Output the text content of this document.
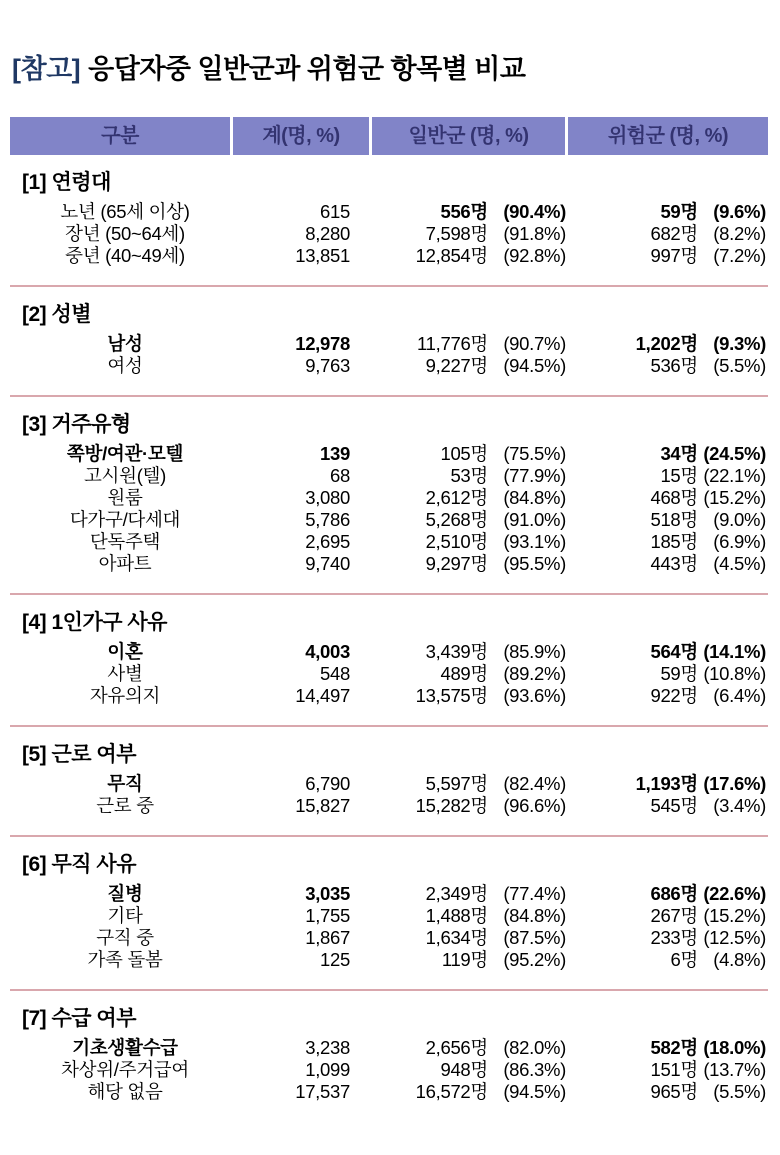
[참고] 응답자중 일반군과 위험군 항목별 비교
구분	계(명, %)	일반군 (명, %)	위험군 (명, %)
[1] 연령대
노년 (65세 이상)	615	556명 (90.4%)	59명 (9.6%)
장년 (50~64세)	8,280	7,598명 (91.8%)	682명 (8.2%)
중년 (40~49세)	13,851	12,854명 (92.8%)	997명 (7.2%)
[2] 성별
남성	12,978	11,776명 (90.7%)	1,202명 (9.3%)
여성	9,763	9,227명 (94.5%)	536명 (5.5%)
[3] 거주유형
쪽방/여관·모텔	139	105명 (75.5%)	34명 (24.5%)
고시원(텔)	68	53명 (77.9%)	15명 (22.1%)
원룸	3,080	2,612명 (84.8%)	468명 (15.2%)
다가구/다세대	5,786	5,268명 (91.0%)	518명 (9.0%)
단독주택	2,695	2,510명 (93.1%)	185명 (6.9%)
아파트	9,740	9,297명 (95.5%)	443명 (4.5%)
[4] 1인가구 사유
이혼	4,003	3,439명 (85.9%)	564명 (14.1%)
사별	548	489명 (89.2%)	59명 (10.8%)
자유의지	14,497	13,575명 (93.6%)	922명 (6.4%)
[5] 근로 여부
무직	6,790	5,597명 (82.4%)	1,193명 (17.6%)
근로 중	15,827	15,282명 (96.6%)	545명 (3.4%)
[6] 무직 사유
질병	3,035	2,349명 (77.4%)	686명 (22.6%)
기타	1,755	1,488명 (84.8%)	267명 (15.2%)
구직 중	1,867	1,634명 (87.5%)	233명 (12.5%)
가족 돌봄	125	119명 (95.2%)	6명 (4.8%)
[7] 수급 여부
기초생활수급	3,238	2,656명 (82.0%)	582명 (18.0%)
차상위/주거급여	1,099	948명 (86.3%)	151명 (13.7%)
해당 없음	17,537	16,572명 (94.5%)	965명 (5.5%)
